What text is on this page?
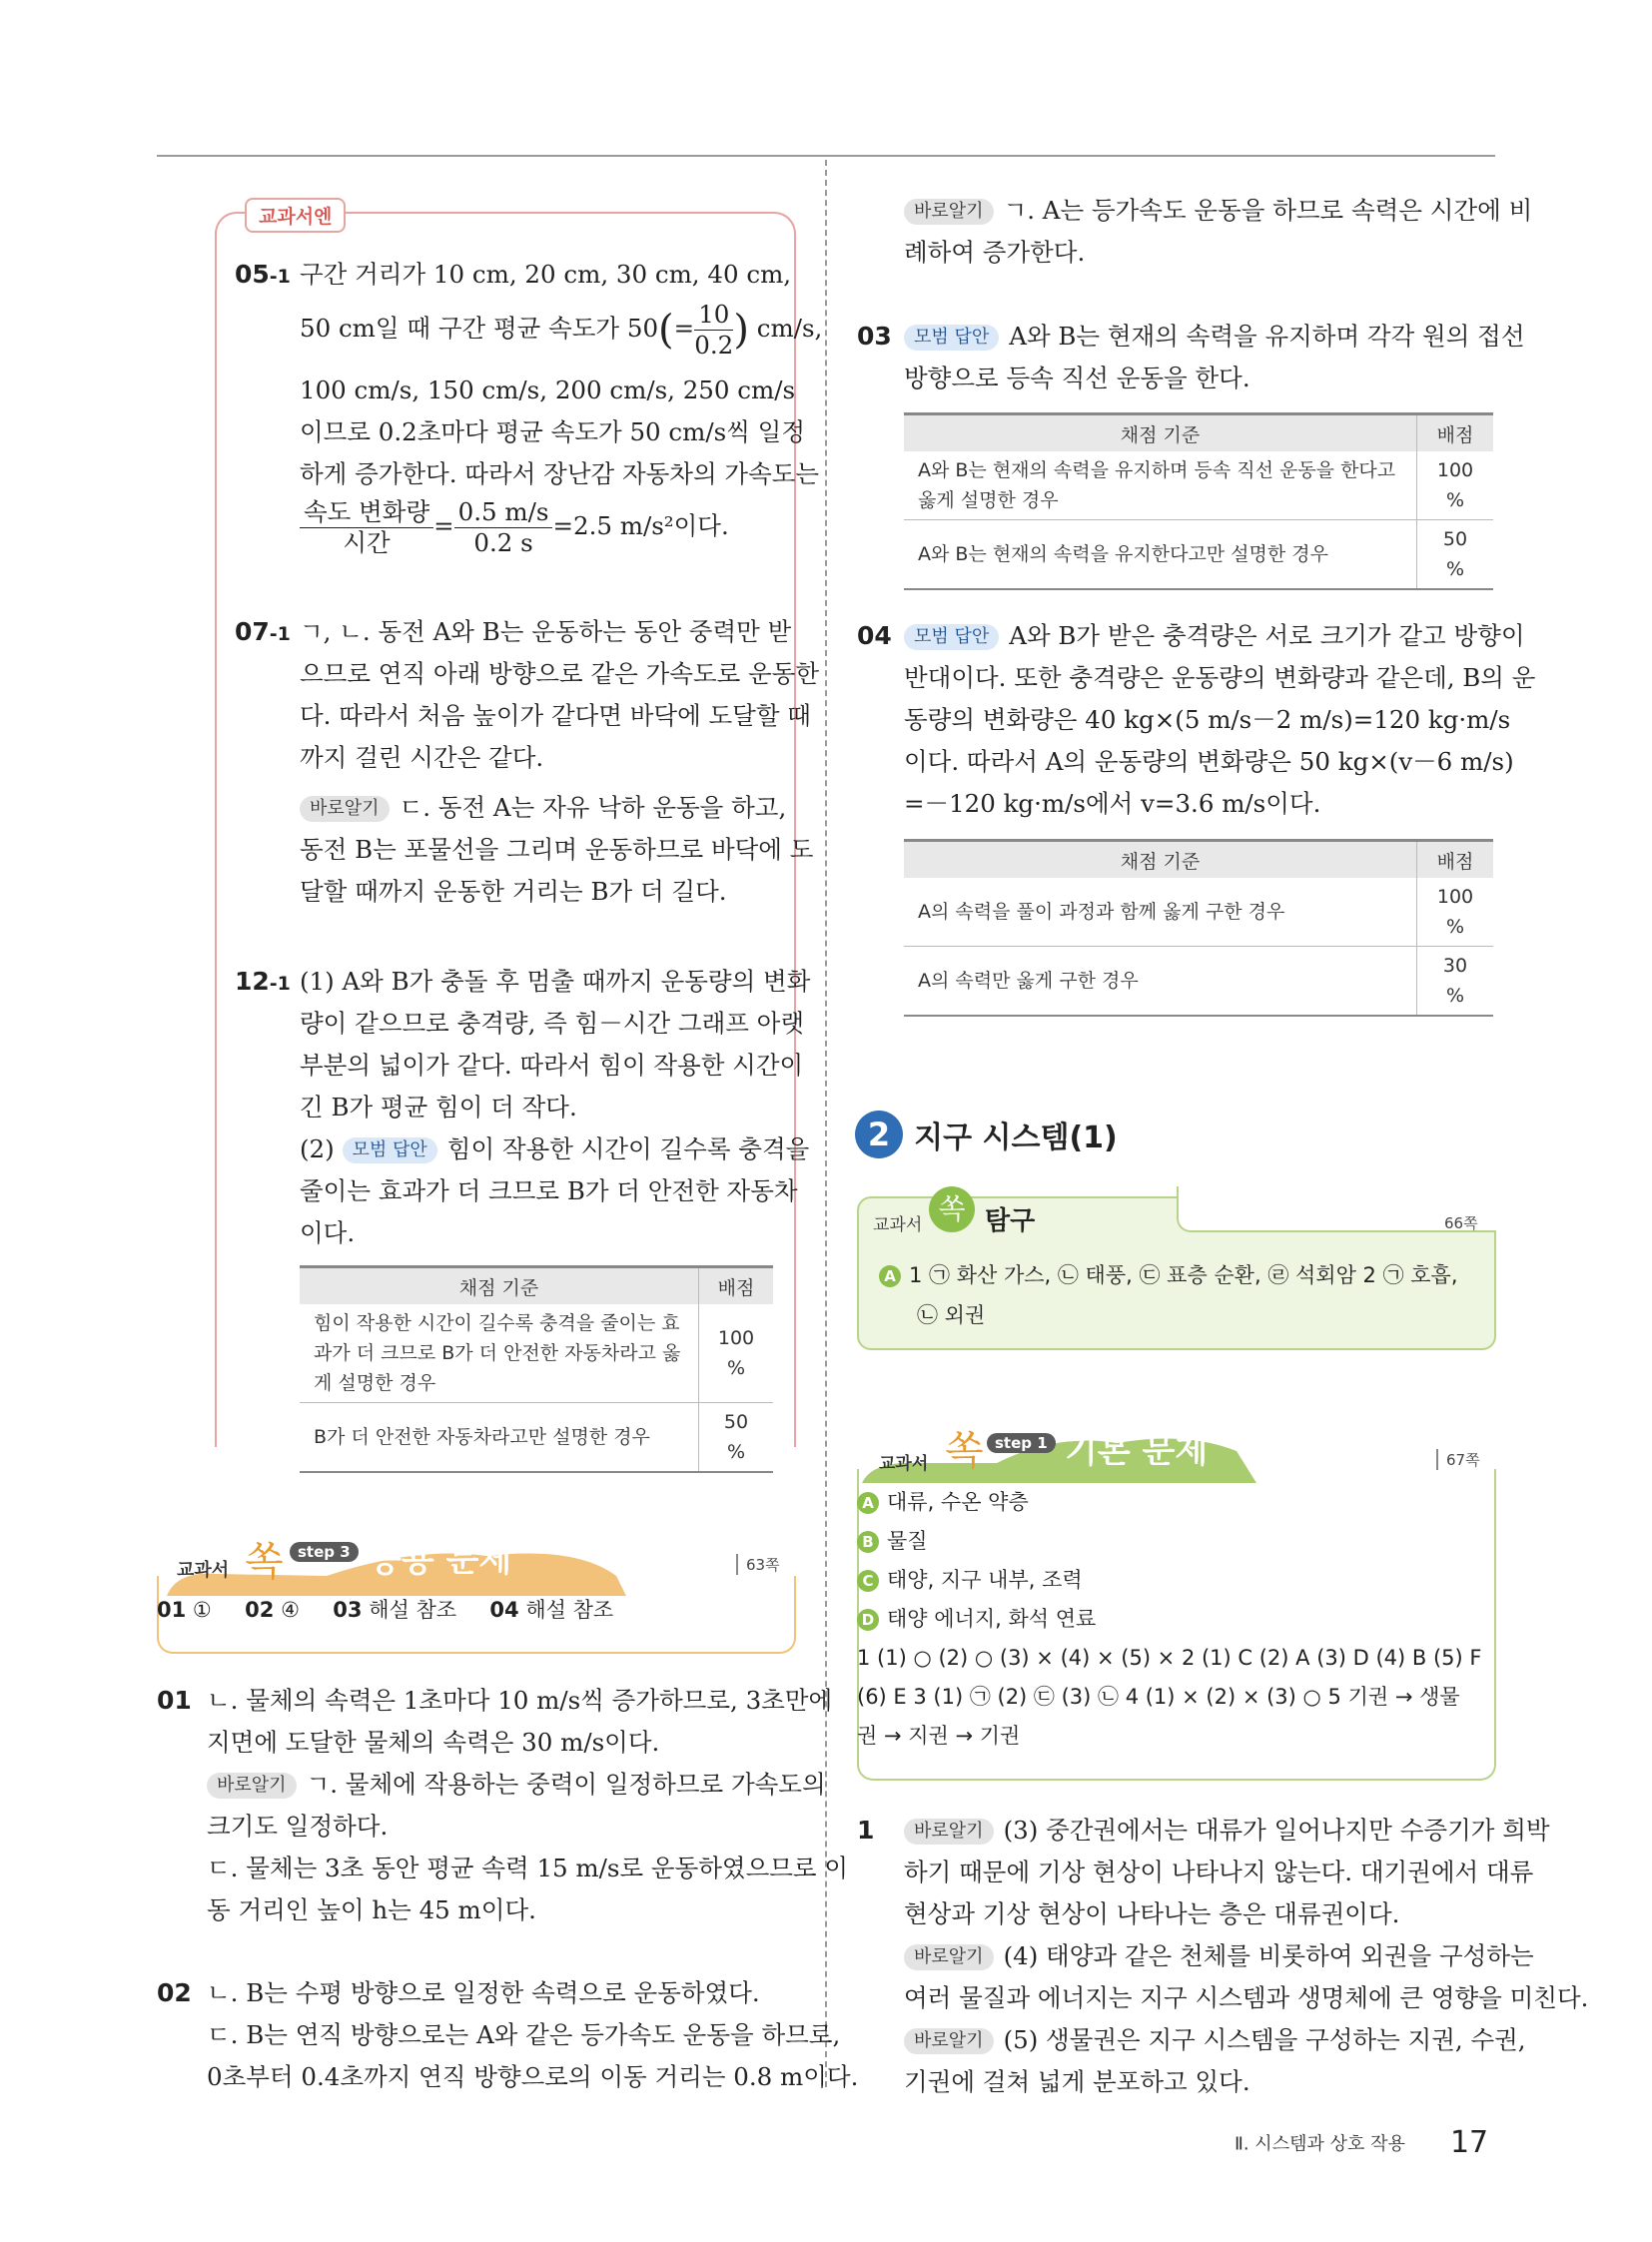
교과서엔
05-1 구간 거리가 10 cm, 20 cm, 30 cm, 40 cm,
50 cm일 때 구간 평균 속도가 $50(= \frac{10}{0.2}$ ) cm/s,
100 cm/s, 150 cm/s, 200 cm/s, 250 cm/s
이므로 0.2초마다 평균 속도가 50 cm/s씩 일정
하게 증가한다. 따라서 장난감 자동차의 가속도는
$\frac{\text{속도 변화량}}{\text{시간}} = \frac{0.5 m/s}{0.2 s} =2.5$ m/s²이다.
07-1 ㄱ, ㄴ. 동전 A와 B는 운동하는 동안 중력만 받
으므로 연직 아래 방향으로 같은 가속도로 운동한
다. 따라서 처음 높이가 같다면 바닥에 도달할 때
까지 걸린 시간은 같다.
바로알기 ㄷ. 동전 A는 자유 낙하 운동을 하고,
동전 B는 포물선을 그리며 운동하므로 바닥에 도
달할 때까지 운동한 거리는 B가 더 길다.
12-1 (1) A와 B가 충돌 후 멈출 때까지 운동량의 변화
량이 같으므로 충격량, 즉 힘－시간 그래프 아랫
부분의 넓이가 같다. 따라서 힘이 작용한 시간이
긴 B가 평균 힘이 더 작다.
(2) 모범 답안 힘이 작용한 시간이 길수록 충격을
줄이는 효과가 더 크므로 B가 더 안전한 자동차
이다.
채점 기준	배점
힘이 작용한 시간이 길수록 충격을 줄이는 효과가 더 크므로 B가 더 안전한 자동차라고 옳게 설명한 경우	100 %
B가 더 안전한 자동차라고만 설명한 경우	50 %
교과서 쏙 step 3 응용 문제	63쪽
01 ① 02 ④ 03 해설 참조 04 해설 참조
01 ㄴ. 물체의 속력은 1초마다 10 m/s씩 증가하므로, 3초만에
지면에 도달한 물체의 속력은 30 m/s이다.
바로알기 ㄱ. 물체에 작용하는 중력이 일정하므로 가속도의
크기도 일정하다.
ㄷ. 물체는 3초 동안 평균 속력 15 m/s로 운동하였으므로 이
동 거리인 높이 h는 45 m이다.
02 ㄴ. B는 수평 방향으로 일정한 속력으로 운동하였다.
ㄷ. B는 연직 방향으로는 A와 같은 등가속도 운동을 하므로,
0초부터 0.4초까지 연직 방향으로의 이동 거리는 0.8 m이다.
바로알기 ㄱ. A는 등가속도 운동을 하므로 속력은 시간에 비
례하여 증가한다.
03	모범 답안 A와 B는 현재의 속력을 유지하며 각각 원의 접선
방향으로 등속 직선 운동을 한다.
채점 기준	배점
A와 B는 현재의 속력을 유지하며 등속 직선 운동을 한다고 옳게 설명한 경우	100 %
A와 B는 현재의 속력을 유지한다고만 설명한 경우	50 %
04	모범 답안 A와 B가 받은 충격량은 서로 크기가 같고 방향이
반대이다. 또한 충격량은 운동량의 변화량과 같은데, B의 운
동량의 변화량은 40 kg×(5 m/s－2 m/s)=120 kg·m/s
이다. 따라서 A의 운동량의 변화량은 50 kg×(v－6 m/s)
=－120 kg·m/s에서 v=3.6 m/s이다.
채점 기준	배점
A의 속력을 풀이 과정과 함께 옳게 구한 경우	100 %
A의 속력만 옳게 구한 경우	30 %
2 지구 시스템(1)
교과서 쏙 탐구	66쪽
A 1 ㉠ 화산 가스, ㉡ 태풍, ㉢ 표층 순환, ㉣ 석회암 2 ㉠ 호흡,
㉡ 외권
교과서 쏙 step 1 기본 문제	67쪽
A 대류, 수온 약층
B 물질
C 태양, 지구 내부, 조력
D 태양 에너지, 화석 연료
1 (1) ○ (2) ○ (3) × (4) × (5) × 2 (1) C (2) A (3) D (4) B (5) F
(6) E 3 (1) ㉠ (2) ㉢ (3) ㉡ 4 (1) × (2) × (3) ○ 5 기권 → 생물
권 → 지권 → 기권
1	바로알기 (3) 중간권에서는 대류가 일어나지만 수증기가 희박
하기 때문에 기상 현상이 나타나지 않는다. 대기권에서 대류
현상과 기상 현상이 나타나는 층은 대류권이다.
바로알기 (4) 태양과 같은 천체를 비롯하여 외권을 구성하는
여러 물질과 에너지는 지구 시스템과 생명체에 큰 영향을 미친다.
바로알기 (5) 생물권은 지구 시스템을 구성하는 지권, 수권,
기권에 걸쳐 넓게 분포하고 있다.
Ⅱ. 시스템과 상호 작용 17
